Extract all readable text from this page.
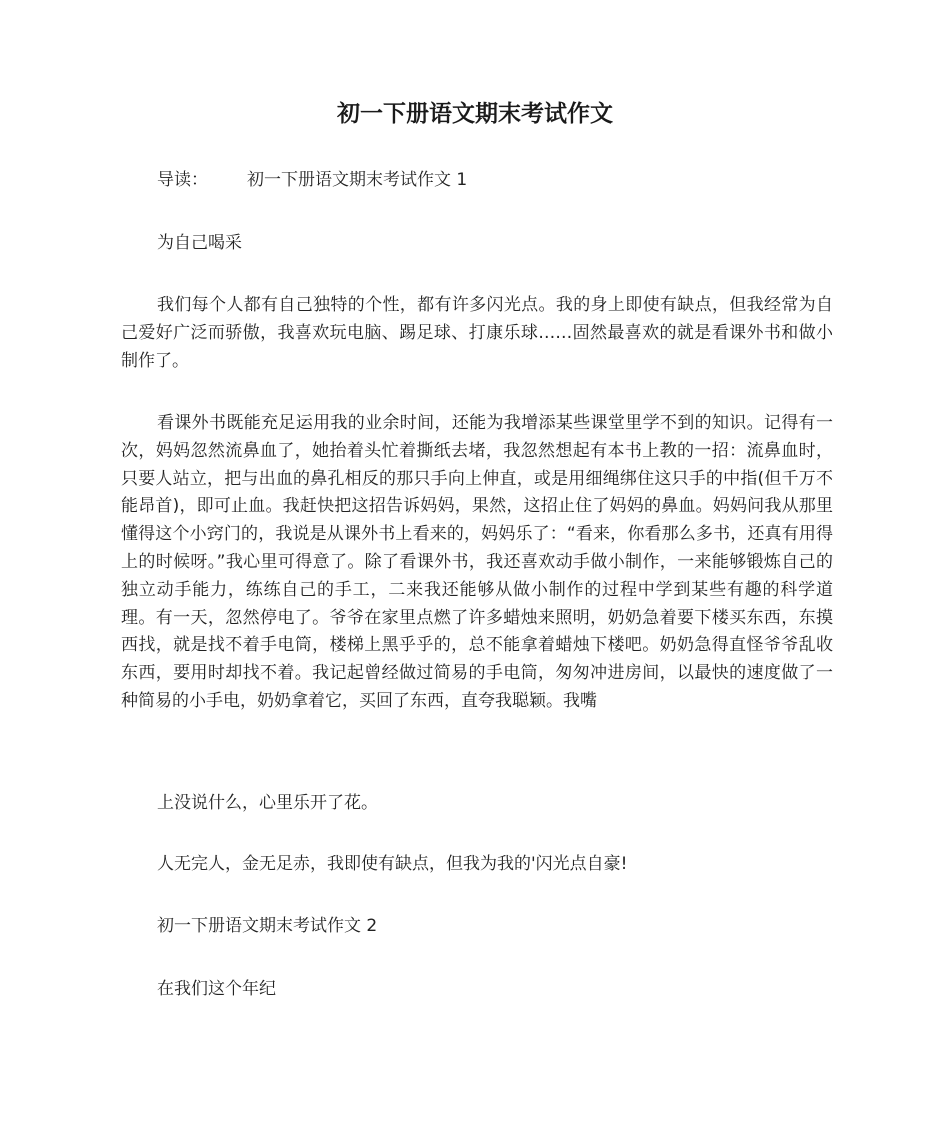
初一下册语文期末考试作文
导读： 初一下册语文期末考试作文 1
为自己喝采
我们每个人都有自己独特的个性，都有许多闪光点。我的身上即使有缺点，但我经常为自己爱好广泛而骄傲，我喜欢玩电脑、踢足球、打康乐球……固然最喜欢的就是看课外书和做小制作了。
看课外书既能充足运用我的业余时间，还能为我增添某些课堂里学不到的知识。记得有一次，妈妈忽然流鼻血了，她抬着头忙着撕纸去堵，我忽然想起有本书上教的一招：流鼻血时，只要人站立，把与出血的鼻孔相反的那只手向上伸直，或是用细绳绑住这只手的中指(但千万不能昂首)，即可止血。我赶快把这招告诉妈妈，果然，这招止住了妈妈的鼻血。妈妈问我从那里懂得这个小窍门的，我说是从课外书上看来的，妈妈乐了：“看来，你看那么多书，还真有用得上的时候呀。”我心里可得意了。除了看课外书，我还喜欢动手做小制作，一来能够锻炼自己的独立动手能力，练练自己的手工，二来我还能够从做小制作的过程中学到某些有趣的科学道理。有一天，忽然停电了。爷爷在家里点燃了许多蜡烛来照明，奶奶急着要下楼买东西，东摸西找，就是找不着手电筒，楼梯上黑乎乎的，总不能拿着蜡烛下楼吧。奶奶急得直怪爷爷乱收东西，要用时却找不着。我记起曾经做过简易的手电筒，匆匆冲进房间，以最快的速度做了一种简易的小手电，奶奶拿着它，买回了东西，直夸我聪颖。我嘴
上没说什么，心里乐开了花。
人无完人，金无足赤，我即使有缺点，但我为我的'闪光点自豪!
初一下册语文期末考试作文 2
在我们这个年纪
